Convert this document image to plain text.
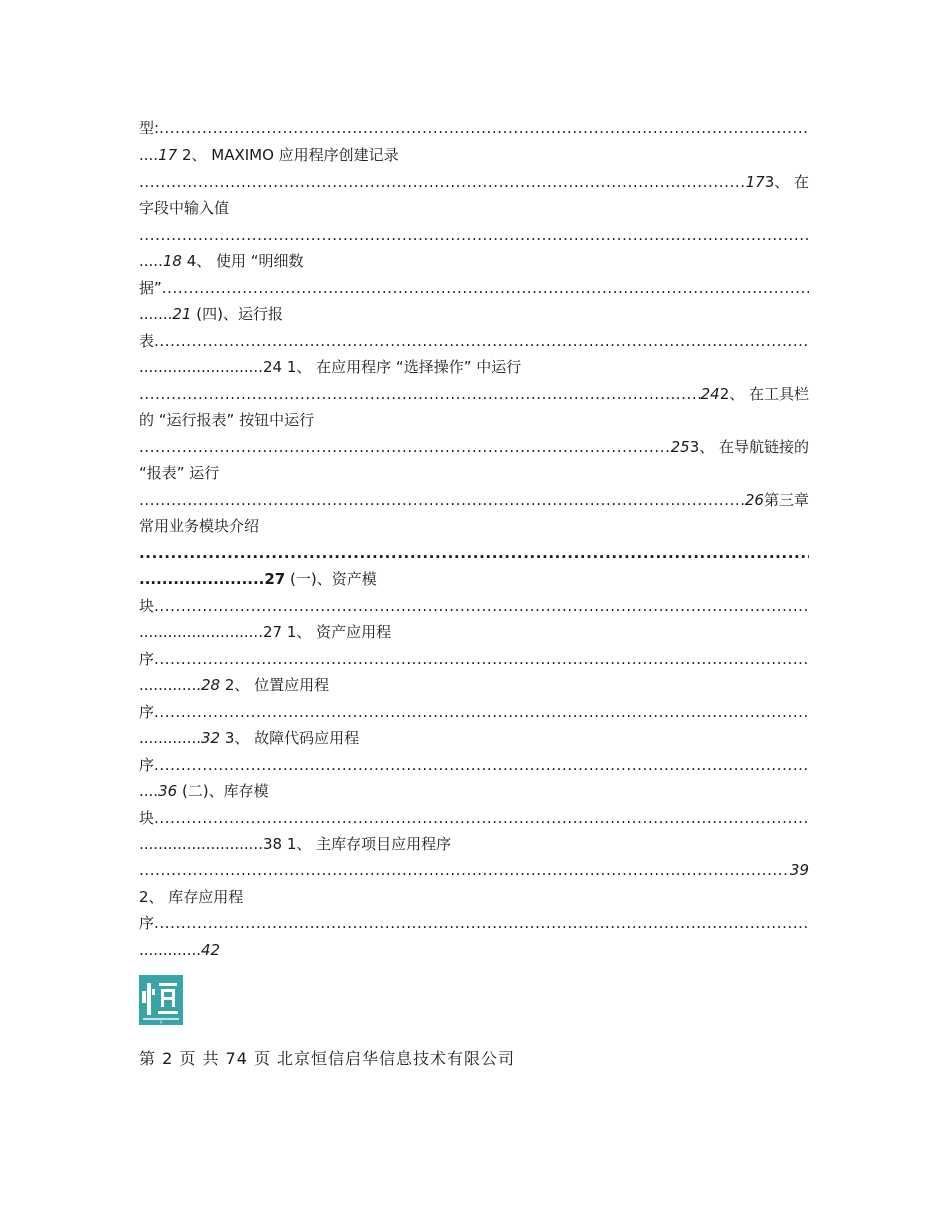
型:
.....
....17 2、 MAXIMO 应用程序创建记录
.....
17 3、 在
字段中输入值
.....
.....18 4、 使用 “明细数
据”
.....
.......21 (四)、运行报
表
.....
..........................24 1、 在应用程序 “选择操作” 中运行
.....
24 2、 在工具栏
的 “运行报表” 按钮中运行
.....
25 3、 在导航链接的
“报表” 运行
.....
26 第三章
常用业务模块介绍
.....
......................27 (一)、资产模
块
.....
..........................27 1、 资产应用程
序
.....
.............28 2、 位置应用程
序
.....
.............32 3、 故障代码应用程
序
.....
....36 (二)、库存模
块
.....
..........................38 1、 主库存项目应用程序
.....
39
2、 库存应用程
序
.....
.............42
恒
第 2 页 共 74 页 北京恒信启华信息技术有限公司
